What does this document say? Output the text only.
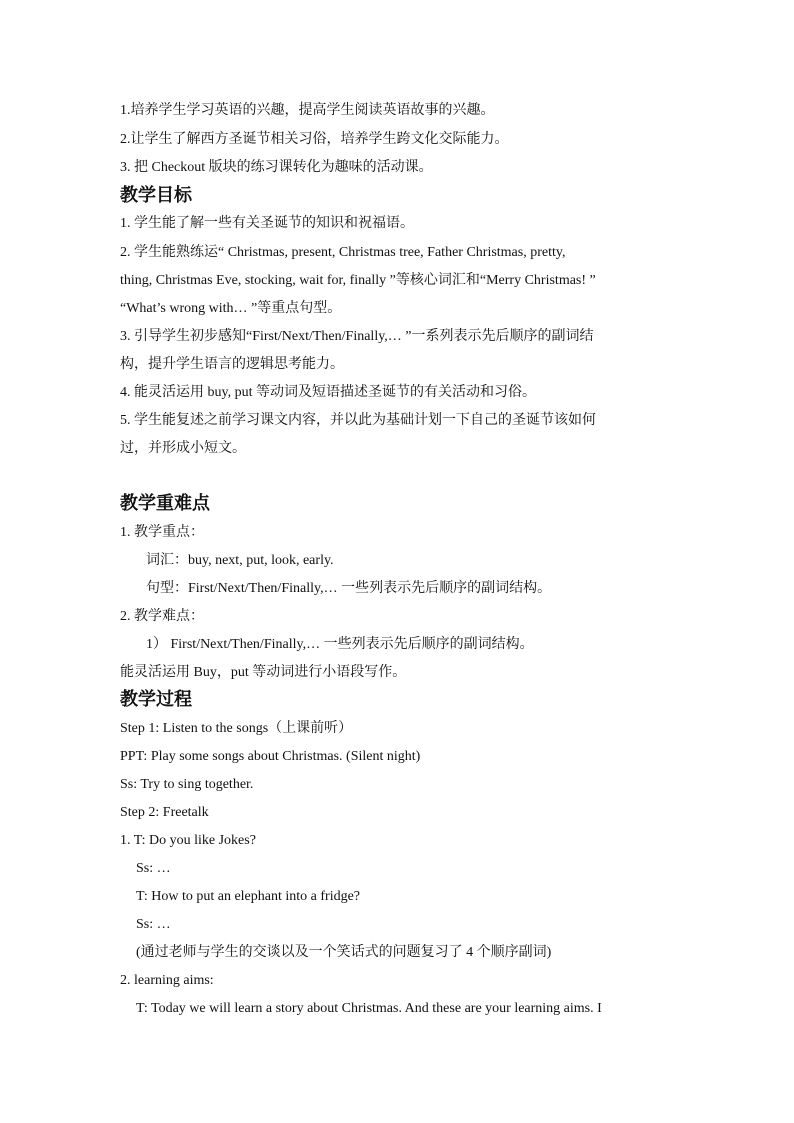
1.培养学生学习英语的兴趣，提高学生阅读英语故事的兴趣。
2.让学生了解西方圣诞节相关习俗，培养学生跨文化交际能力。
3. 把 Checkout 版块的练习课转化为趣味的活动课。
教学目标
1. 学生能了解一些有关圣诞节的知识和祝福语。
2. 学生能熟练运“ Christmas, present, Christmas tree, Father Christmas, pretty,
thing, Christmas Eve, stocking, wait for, finally ”等核心词汇和“Merry Christmas! ”
“What’s wrong with… ”等重点句型。
3. 引导学生初步感知“First/Next/Then/Finally,… ”一系列表示先后顺序的副词结
构，提升学生语言的逻辑思考能力。
4. 能灵活运用 buy, put 等动词及短语描述圣诞节的有关活动和习俗。
5. 学生能复述之前学习课文内容，并以此为基础计划一下自己的圣诞节该如何
过，并形成小短文。
教学重难点
1. 教学重点：
词汇：buy, next, put, look, early.
句型：First/Next/Then/Finally,… 一些列表示先后顺序的副词结构。
2. 教学难点：
1） First/Next/Then/Finally,… 一些列表示先后顺序的副词结构。
能灵活运用 Buy，put 等动词进行小语段写作。
教学过程
Step 1: Listen to the songs（上课前听）
PPT: Play some songs about Christmas. (Silent night)
Ss: Try to sing together.
Step 2: Freetalk
1. T: Do you like Jokes?
Ss: …
T: How to put an elephant into a fridge?
Ss: …
(通过老师与学生的交谈以及一个笑话式的问题复习了 4 个顺序副词)
2. learning aims:
T: Today we will learn a story about Christmas. And these are your learning aims. I
